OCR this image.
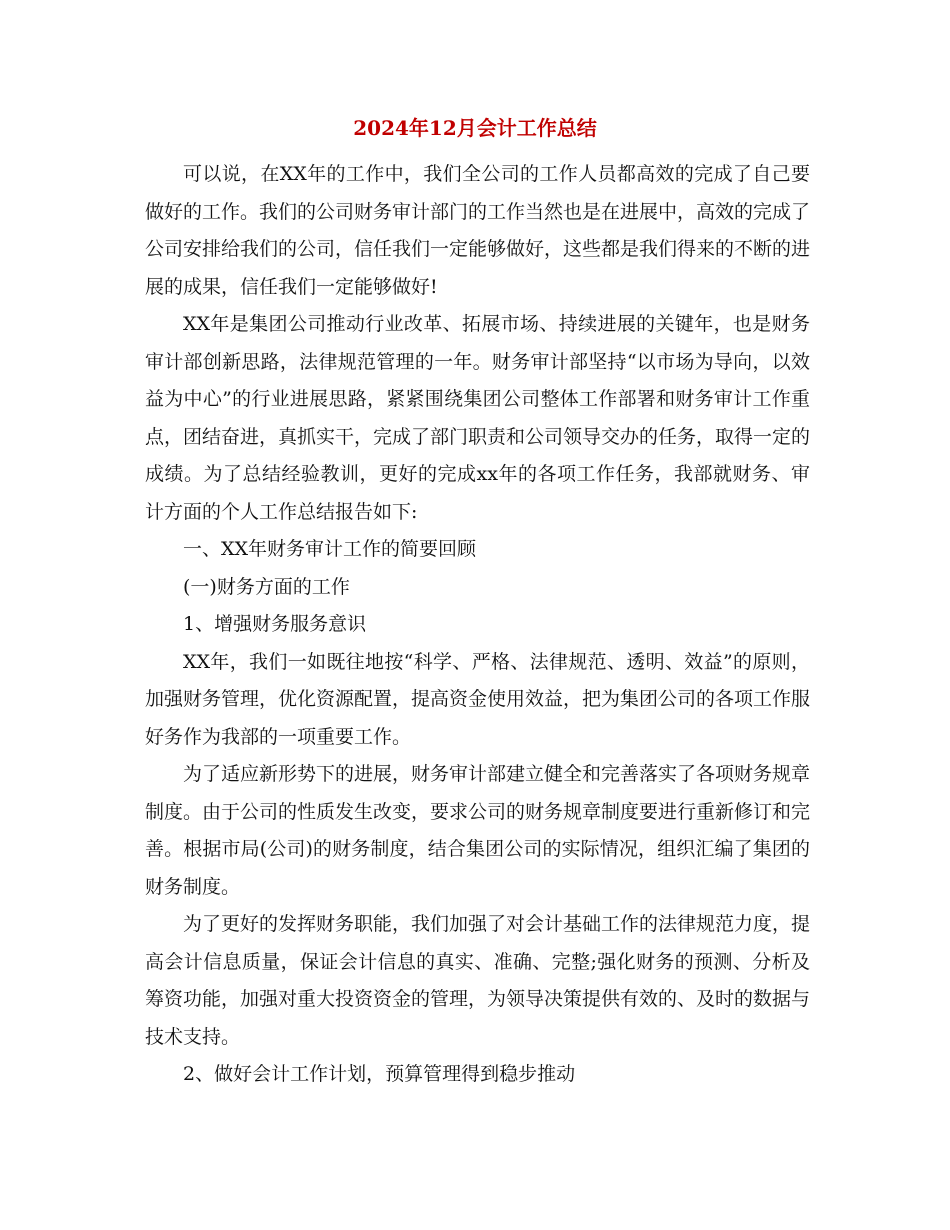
2024年12月会计工作总结

可以说，在XX年的工作中，我们全公司的工作人员都高效的完成了自己要做好的工作。我们的公司财务审计部门的工作当然也是在进展中，高效的完成了公司安排给我们的公司，信任我们一定能够做好，这些都是我们得来的不断的进展的成果，信任我们一定能够做好!

XX年是集团公司推动行业改革、拓展市场、持续进展的关键年，也是财务审计部创新思路，法律规范管理的一年。财务审计部坚持“以市场为导向，以效益为中心”的行业进展思路，紧紧围绕集团公司整体工作部署和财务审计工作重点，团结奋进，真抓实干，完成了部门职责和公司领导交办的任务，取得一定的成绩。为了总结经验教训，更好的完成xx年的各项工作任务，我部就财务、审计方面的个人工作总结报告如下:

一、XX年财务审计工作的简要回顾

(一)财务方面的工作

1、增强财务服务意识

XX年，我们一如既往地按“科学、严格、法律规范、透明、效益”的原则，加强财务管理，优化资源配置，提高资金使用效益，把为集团公司的各项工作服好务作为我部的一项重要工作。

为了适应新形势下的进展，财务审计部建立健全和完善落实了各项财务规章制度。由于公司的性质发生改变，要求公司的财务规章制度要进行重新修订和完善。根据市局(公司)的财务制度，结合集团公司的实际情况，组织汇编了集团的财务制度。

为了更好的发挥财务职能，我们加强了对会计基础工作的法律规范力度，提高会计信息质量，保证会计信息的真实、准确、完整;强化财务的预测、分析及筹资功能，加强对重大投资资金的管理，为领导决策提供有效的、及时的数据与技术支持。

2、做好会计工作计划，预算管理得到稳步推动
